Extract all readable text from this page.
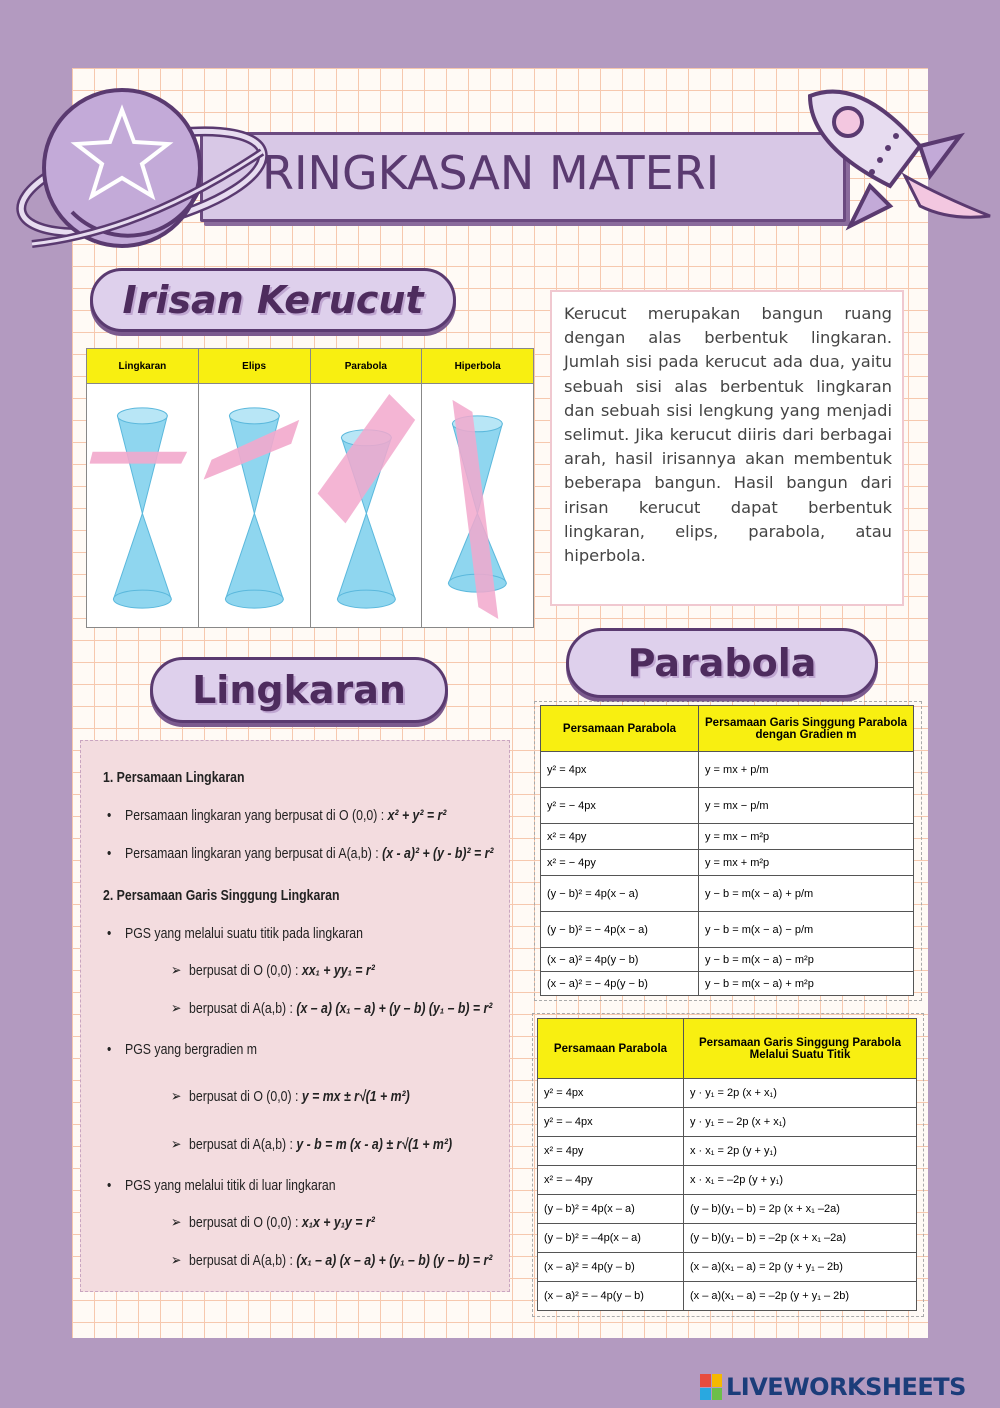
RINGKASAN MATERI
Irisan Kerucut
Lingkaran
Parabola
Lingkaran	Elips	Parabola	Hiperbola
Kerucut merupakan bangun ruang dengan alas berbentuk lingkaran. Jumlah sisi pada kerucut ada dua, yaitu sebuah sisi alas berbentuk lingkaran dan sebuah sisi lengkung yang menjadi selimut. Jika kerucut diiris dari berbagai arah, hasil irisannya akan membentuk beberapa bangun. Hasil bangun dari irisan kerucut dapat berbentuk lingkaran, elips, parabola, atau hiperbola.
1. Persamaan Lingkaran
• Persamaan lingkaran yang berpusat di O (0,0) : x² + y² = r²
• Persamaan lingkaran yang berpusat di A(a,b) : (x - a)² + (y - b)² = r²
2. Persamaan Garis Singgung Lingkaran
• PGS yang melalui suatu titik pada lingkaran
➢ berpusat di O (0,0) : xx₁ + yy₁ = r²
➢ berpusat di A(a,b) : (x – a) (x₁ – a) + (y – b) (y₁ – b) = r²
• PGS yang bergradien m
➢ berpusat di O (0,0) : y = mx ± r√(1 + m²)
➢ berpusat di A(a,b) : y - b = m (x - a) ± r√(1 + m²)
• PGS yang melalui titik di luar lingkaran
➢ berpusat di O (0,0) : x₁x + y₁y = r²
➢ berpusat di A(a,b) : (x₁ – a) (x – a) + (y₁ – b) (y – b) = r²
Persamaan Parabola	Persamaan Garis Singgung Parabola dengan Gradien m
y² = 4px	y = mx + p/m
y² = − 4px	y = mx − p/m
x² = 4py	y = mx − m²p
x² = − 4py	y = mx + m²p
(y − b)² = 4p(x − a)	y − b = m(x − a) + p/m
(y − b)² = − 4p(x − a)	y − b = m(x − a) − p/m
(x − a)² = 4p(y − b)	y − b = m(x − a) − m²p
(x − a)² = − 4p(y − b)	y − b = m(x − a) + m²p
Persamaan Parabola	Persamaan Garis Singgung Parabola Melalui Suatu Titik
y² = 4px	y · y₁ = 2p (x + x₁)
y² = – 4px	y · y₁ = – 2p (x + x₁)
x² = 4py	x · x₁ = 2p (y + y₁)
x² = – 4py	x · x₁ = –2p (y + y₁)
(y – b)² = 4p(x – a)	(y – b)(y₁ – b) = 2p (x + x₁ –2a)
(y – b)² = –4p(x – a)	(y – b)(y₁ – b) = –2p (x + x₁ –2a)
(x – a)² = 4p(y – b)	(x – a)(x₁ – a) = 2p (y + y₁ – 2b)
(x – a)² = – 4p(y – b)	(x – a)(x₁ – a) = –2p (y + y₁ – 2b)
LIVEWORKSHEETS
